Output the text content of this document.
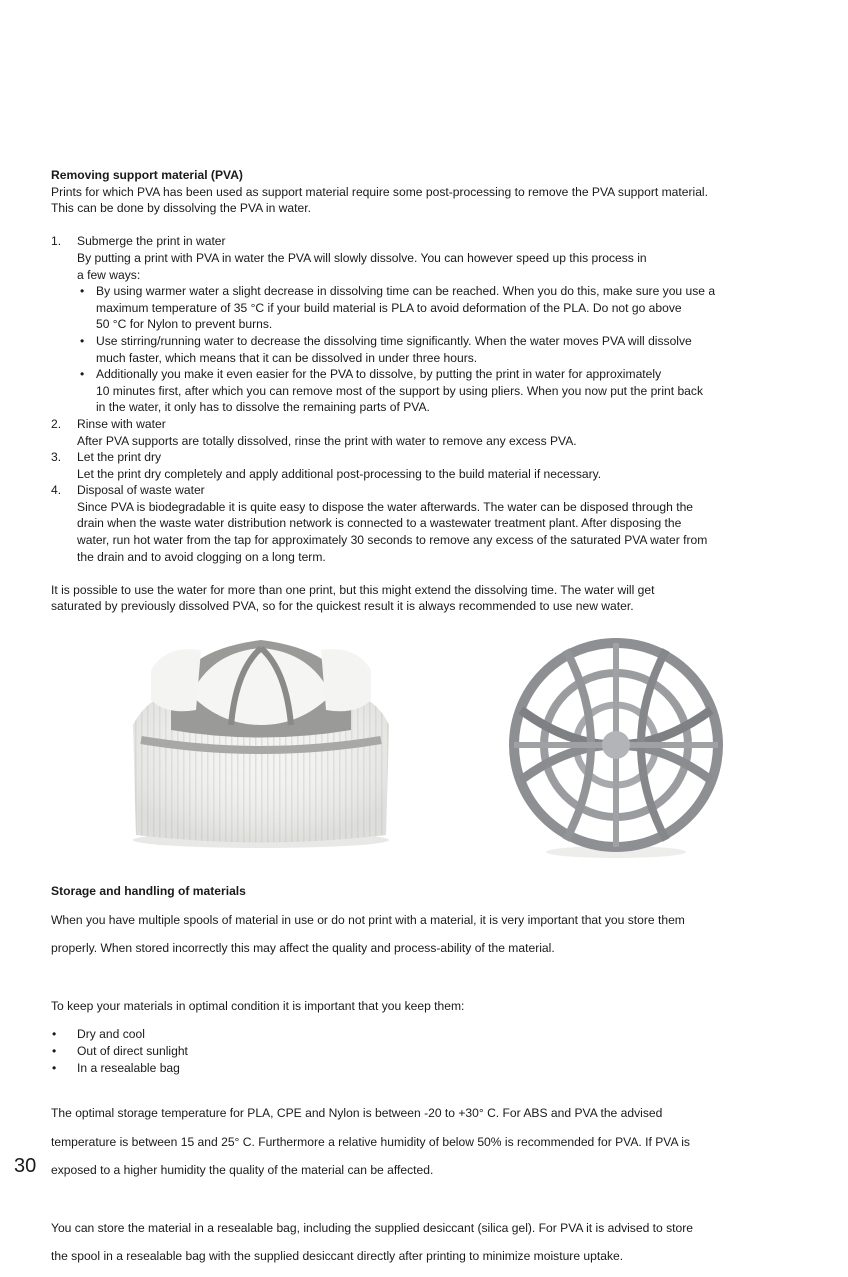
Removing support material (PVA)

Prints for which PVA has been used as support material require some post-processing to remove the PVA support material.

This can be done by dissolving the PVA in water.

1. Submerge the print in water

By putting a print with PVA in water the PVA will slowly dissolve. You can however speed up this process in

a few ways:

• By using warmer water a slight decrease in dissolving time can be reached. When you do this, make sure you use a

maximum temperature of 35 °C if your build material is PLA to avoid deformation of the PLA. Do not go above

50 °C for Nylon to prevent burns.

• Use stirring/running water to decrease the dissolving time significantly. When the water moves PVA will dissolve

much faster, which means that it can be dissolved in under three hours.

• Additionally you make it even easier for the PVA to dissolve, by putting the print in water for approximately

10 minutes first, after which you can remove most of the support by using pliers. When you now put the print back

in the water, it only has to dissolve the remaining parts of PVA.

2. Rinse with water

After PVA supports are totally dissolved, rinse the print with water to remove any excess PVA.

3. Let the print dry

Let the print dry completely and apply additional post-processing to the build material if necessary.

4. Disposal of waste water

Since PVA is biodegradable it is quite easy to dispose the water afterwards. The water can be disposed through the

drain when the waste water distribution network is connected to a wastewater treatment plant. After disposing the

water, run hot water from the tap for approximately 30 seconds to remove any excess of the saturated PVA water from

the drain and to avoid clogging on a long term.

It is possible to use the water for more than one print, but this might extend the dissolving time. The water will get

saturated by previously dissolved PVA, so for the quickest result it is always recommended to use new water.

Storage and handling of materials

When you have multiple spools of material in use or do not print with a material, it is very important that you store them

properly. When stored incorrectly this may affect the quality and process-ability of the material.

To keep your materials in optimal condition it is important that you keep them:

• Dry and cool
• Out of direct sunlight
• In a resealable bag

The optimal storage temperature for PLA, CPE and Nylon is between -20 to +30° C. For ABS and PVA the advised

temperature is between 15 and 25° C. Furthermore a relative humidity of below 50% is recommended for PVA. If PVA is

exposed to a higher humidity the quality of the material can be affected.

You can store the material in a resealable bag, including the supplied desiccant (silica gel). For PVA it is advised to store

the spool in a resealable bag with the supplied desiccant directly after printing to minimize moisture uptake.

30
